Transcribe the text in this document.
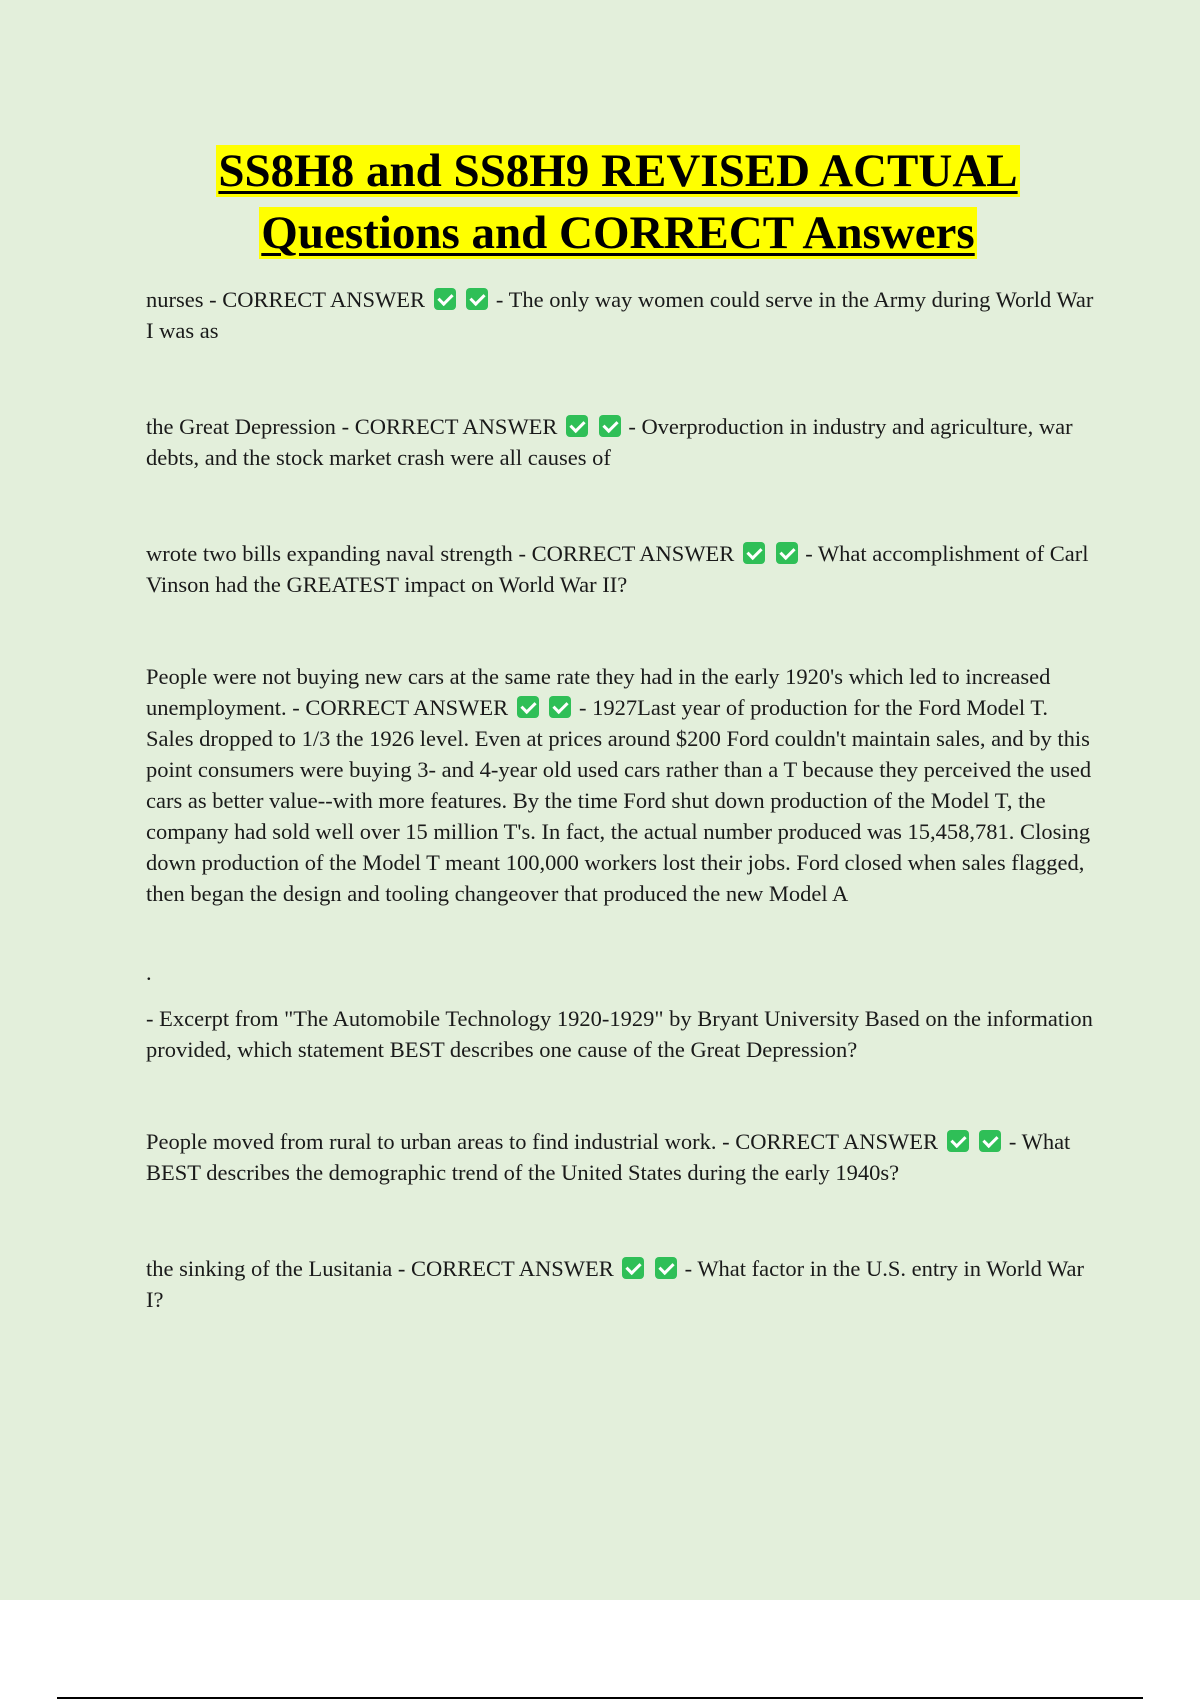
SS8H8 and SS8H9 REVISED ACTUAL
Questions and CORRECT Answers

nurses - CORRECT ANSWER	- The only way women could serve in the Army during World War I was as

the Great Depression - CORRECT ANSWER	- Overproduction in industry and agriculture, war debts, and the stock market crash were all causes of

wrote two bills expanding naval strength - CORRECT ANSWER	- What accomplishment of Carl Vinson had the GREATEST impact on World War II?

People were not buying new cars at the same rate they had in the early 1920's which led to increased unemployment. - CORRECT ANSWER	- 1927Last year of production for the Ford Model T. Sales dropped to 1/3 the 1926 level. Even at prices around $200 Ford couldn't maintain sales, and by this point consumers were buying 3- and 4-year old used cars rather than a T because they perceived the used cars as better value--with more features. By the time Ford shut down production of the Model T, the company had sold well over 15 million T's. In fact, the actual number produced was 15,458,781. Closing down production of the Model T meant 100,000 workers lost their jobs. Ford closed when sales flagged, then began the design and tooling changeover that produced the new Model A

.

- Excerpt from "The Automobile Technology 1920-1929" by Bryant University Based on the information provided, which statement BEST describes one cause of the Great Depression?

People moved from rural to urban areas to find industrial work. - CORRECT ANSWER	- What BEST describes the demographic trend of the United States during the early 1940s?

the sinking of the Lusitania - CORRECT ANSWER	- What factor in the U.S. entry in World War I?
